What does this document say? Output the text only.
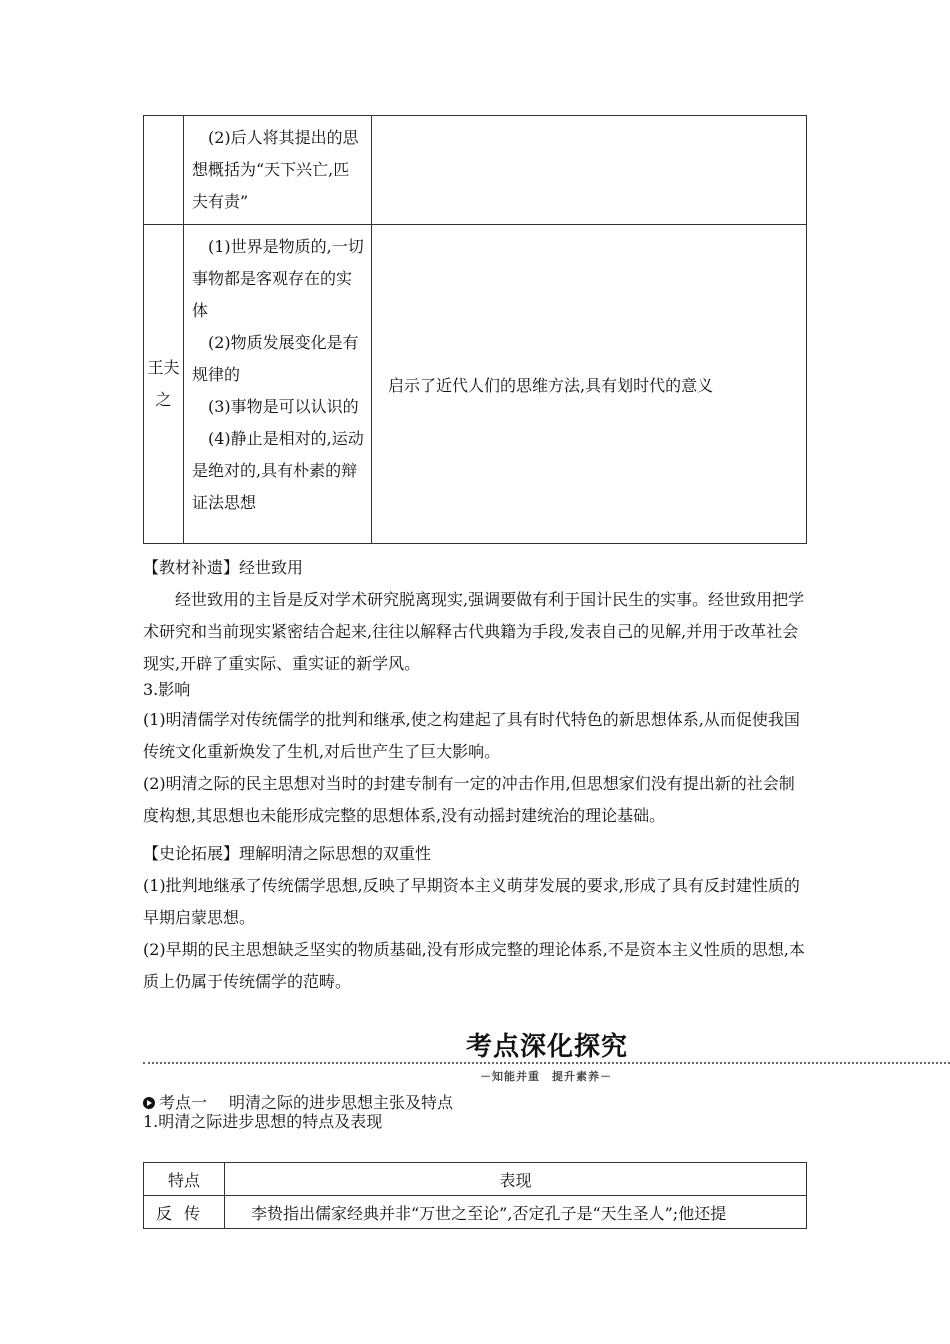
	(2)后人将其提出的思想概括为“天下兴亡,匹夫有责”	

王夫之	(1)世界是物质的,一切事物都是客观存在的实体

(2)物质发展变化是有规律的

(3)事物是可以认识的

(4)静止是相对的,运动是绝对的,具有朴素的辩证法思想	启示了近代人们的思维方法,具有划时代的意义
【教材补遗】经世致用

经世致用的主旨是反对学术研究脱离现实,强调要做有利于国计民生的实事。经世致用把学术研究和当前现实紧密结合起来,往往以解释古代典籍为手段,发表自己的见解,并用于改革社会现实,开辟了重实际、重实证的新学风。

3.影响

(1)明清儒学对传统儒学的批判和继承,使之构建起了具有时代特色的新思想体系,从而促使我国传统文化重新焕发了生机,对后世产生了巨大影响。

(2)明清之际的民主思想对当时的封建专制有一定的冲击作用,但思想家们没有提出新的社会制度构想,其思想也未能形成完整的思想体系,没有动摇封建统治的理论基础。

【史论拓展】理解明清之际思想的双重性

(1)批判地继承了传统儒学思想,反映了早期资本主义萌芽发展的要求,形成了具有反封建性质的早期启蒙思想。

(2)早期的民主思想缺乏坚实的物质基础,没有形成完整的理论体系,不是资本主义性质的思想,本质上仍属于传统儒学的范畴。

考点深化探究
－知能并重　提升素养－
考点一 明清之际的进步思想主张及特点
1.明清之际进步思想的特点及表现
特点	表现
反传	李贽指出儒家经典并非“万世之至论”,否定孔子是“天生圣人”;他还提
